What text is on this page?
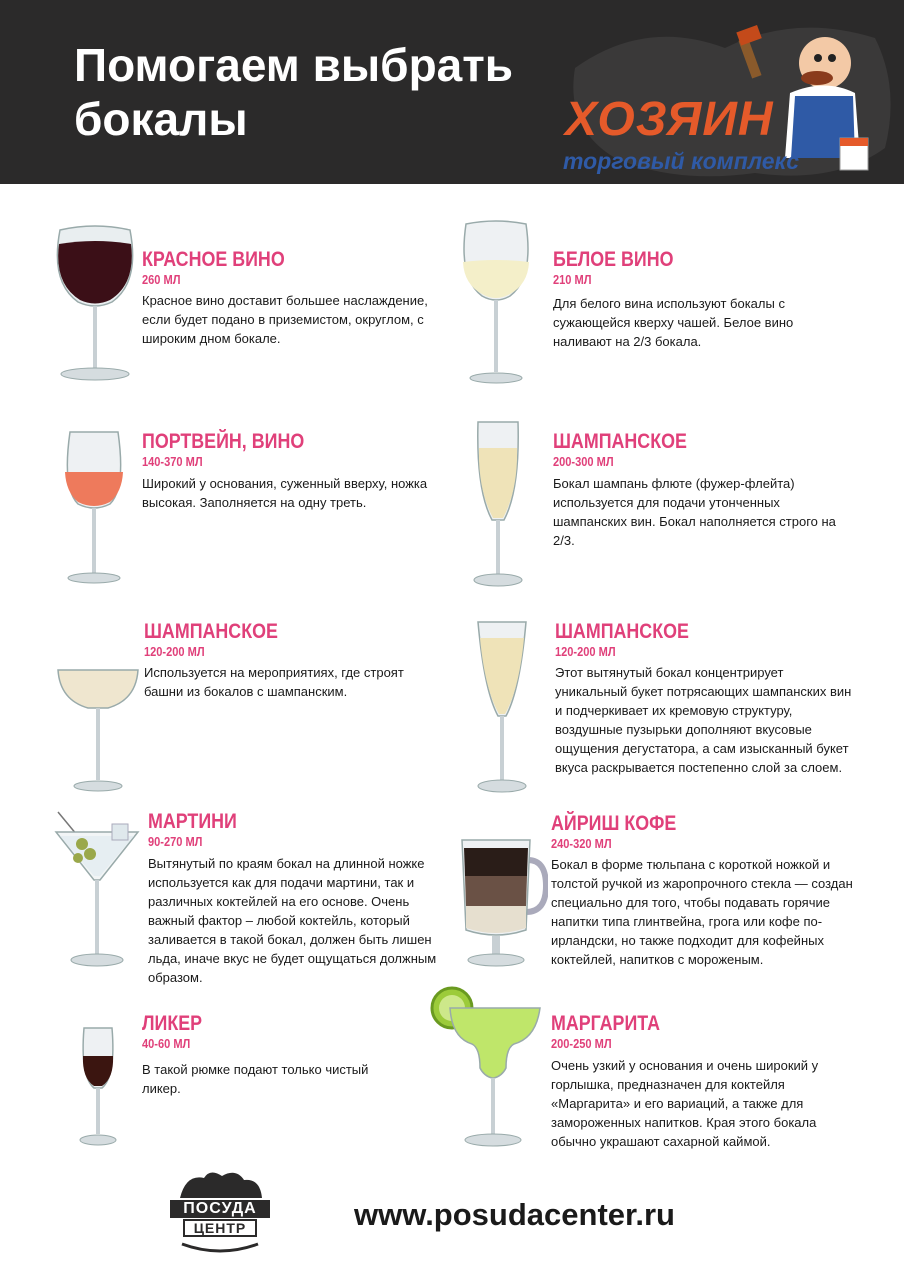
Помогаем выбрать бокалы	ХОЗЯИН
торговый комплекс
КРАСНОЕ ВИНО
260 МЛ

Красное вино доставит большее наслаждение, если будет подано в приземистом, округлом, с широким дном бокале.

БЕЛОЕ ВИНО
210 МЛ

Для белого вина используют бокалы с сужающейся кверху чашей. Белое вино наливают на 2/3 бокала.

ПОРТВЕЙН, ВИНО
140-370 МЛ

Широкий у основания, суженный вверху, ножка высокая. Заполняется на одну треть.

ШАМПАНСКОЕ
200-300 МЛ

Бокал шампань флюте (фужер-флейта) используется для подачи утонченных шампанских вин. Бокал наполняется строго на 2/3.

ШАМПАНСКОЕ
120-200 МЛ

Используется на мероприятиях, где строят башни из бокалов с шампанским.

ШАМПАНСКОЕ
120-200 МЛ

Этот вытянутый бокал концентрирует уникальный букет потрясающих шампанских вин и подчеркивает их кремовую структуру, воздушные пузырьки дополняют вкусовые ощущения дегустатора, а сам изысканный букет вкуса раскрывается постепенно слой за слоем.

МАРТИНИ
90-270 МЛ

Вытянутый по краям бокал на длинной ножке используется как для подачи мартини, так и различных коктейлей на его основе. Очень важный фактор – любой коктейль, который заливается в такой бокал, должен быть лишен льда, иначе вкус не будет ощущаться должным образом.

АЙРИШ КОФЕ
240-320 МЛ

Бокал в форме тюльпана с короткой ножкой и толстой ручкой из жаропрочного стекла — создан специально для того, чтобы подавать горячие напитки типа глинтвейна, грога или кофе по-ирландски, но также подходит для кофейных коктейлей, напитков с мороженым.

ЛИКЕР
40-60 МЛ

В такой рюмке подают только чистый ликер.

МАРГАРИТА
200-250 МЛ

Очень узкий у основания и очень широкий у горлышка, предназначен для коктейля «Маргарита» и его вариаций, а также для замороженных напитков. Края этого бокала обычно украшают сахарной каймой.

ПОСУДА
ЦЕНТР	www.posudacenter.ru
